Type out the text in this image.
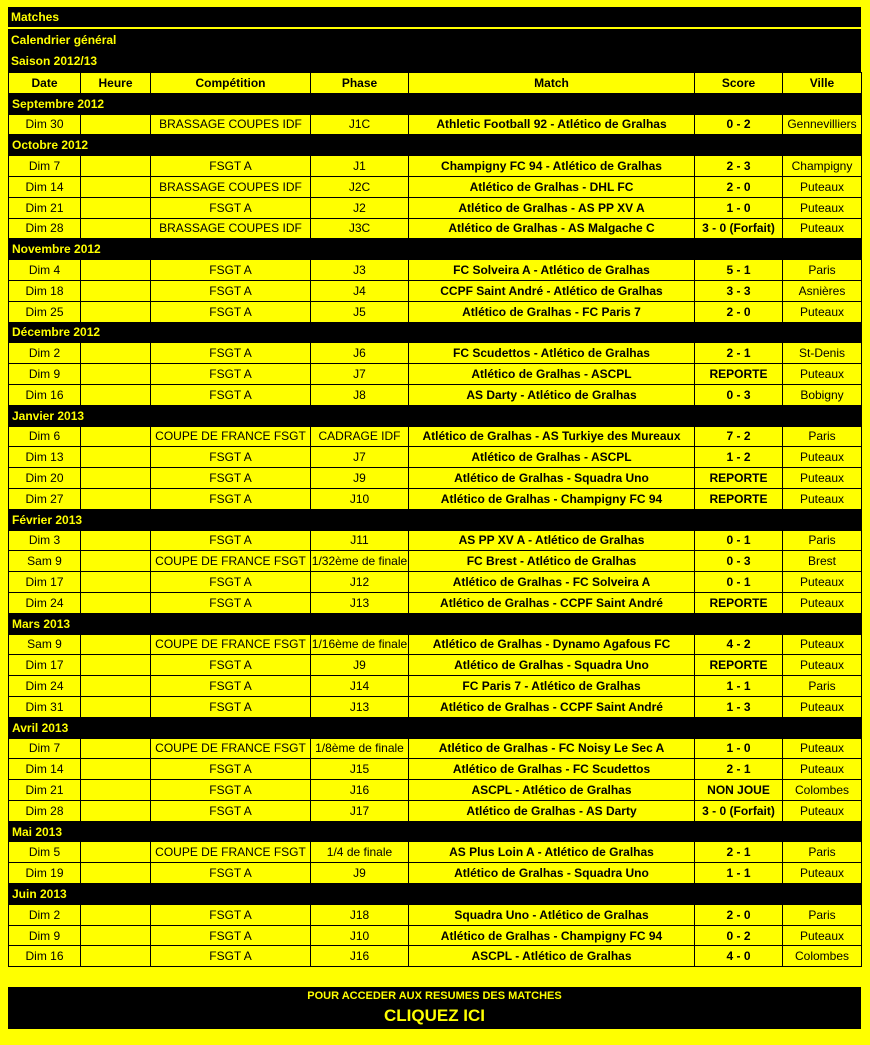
Matches
Calendrier général
Saison 2012/13
Date	Heure	Compétition	Phase	Match	Score	Ville
Septembre 2012						
Dim 30		BRASSAGE COUPES IDF	J1C	Athletic Football 92 - Atlético de Gralhas	0 - 2	Gennevilliers
Octobre 2012						
Dim 7		FSGT A	J1	Champigny FC 94 - Atlético de Gralhas	2 - 3	Champigny
Dim 14		BRASSAGE COUPES IDF	J2C	Atlético de Gralhas - DHL FC	2 - 0	Puteaux
Dim 21		FSGT A	J2	Atlético de Gralhas - AS PP XV A	1 - 0	Puteaux
Dim 28		BRASSAGE COUPES IDF	J3C	Atlético de Gralhas - AS Malgache C	3 - 0 (Forfait)	Puteaux
Novembre 2012						
Dim 4		FSGT A	J3	FC Solveira A - Atlético de Gralhas	5 - 1	Paris
Dim 18		FSGT A	J4	CCPF Saint André - Atlético de Gralhas	3 - 3	Asnières
Dim 25		FSGT A	J5	Atlético de Gralhas - FC Paris 7	2 - 0	Puteaux
Décembre 2012						
Dim 2		FSGT A	J6	FC Scudettos - Atlético de Gralhas	2 - 1	St-Denis
Dim 9		FSGT A	J7	Atlético de Gralhas - ASCPL	REPORTE	Puteaux
Dim 16		FSGT A	J8	AS Darty - Atlético de Gralhas	0 - 3	Bobigny
Janvier 2013						
Dim 6		COUPE DE FRANCE FSGT	CADRAGE IDF	Atlético de Gralhas - AS Turkiye des Mureaux	7 - 2	Paris
Dim 13		FSGT A	J7	Atlético de Gralhas - ASCPL	1 - 2	Puteaux
Dim 20		FSGT A	J9	Atlético de Gralhas - Squadra Uno	REPORTE	Puteaux
Dim 27		FSGT A	J10	Atlético de Gralhas - Champigny FC 94	REPORTE	Puteaux
Février 2013						
Dim 3		FSGT A	J11	AS PP XV A - Atlético de Gralhas	0 - 1	Paris
Sam 9		COUPE DE FRANCE FSGT	1/32ème de finale	FC Brest - Atlético de Gralhas	0 - 3	Brest
Dim 17		FSGT A	J12	Atlético de Gralhas - FC Solveira A	0 - 1	Puteaux
Dim 24		FSGT A	J13	Atlético de Gralhas - CCPF Saint André	REPORTE	Puteaux
Mars 2013						
Sam 9		COUPE DE FRANCE FSGT	1/16ème de finale	Atlético de Gralhas - Dynamo Agafous FC	4 - 2	Puteaux
Dim 17		FSGT A	J9	Atlético de Gralhas - Squadra Uno	REPORTE	Puteaux
Dim 24		FSGT A	J14	FC Paris 7 - Atlético de Gralhas	1 - 1	Paris
Dim 31		FSGT A	J13	Atlético de Gralhas - CCPF Saint André	1 - 3	Puteaux
Avril 2013						
Dim 7		COUPE DE FRANCE FSGT	1/8ème de finale	Atlético de Gralhas - FC Noisy Le Sec A	1 - 0	Puteaux
Dim 14		FSGT A	J15	Atlético de Gralhas - FC Scudettos	2 - 1	Puteaux
Dim 21		FSGT A	J16	ASCPL - Atlético de Gralhas	NON JOUE	Colombes
Dim 28		FSGT A	J17	Atlético de Gralhas - AS Darty	3 - 0 (Forfait)	Puteaux
Mai 2013						
Dim 5		COUPE DE FRANCE FSGT	1/4 de finale	AS Plus Loin A - Atlético de Gralhas	2 - 1	Paris
Dim 19		FSGT A	J9	Atlético de Gralhas - Squadra Uno	1 - 1	Puteaux
Juin 2013						
Dim 2		FSGT A	J18	Squadra Uno - Atlético de Gralhas	2 - 0	Paris
Dim 9		FSGT A	J10	Atlético de Gralhas - Champigny FC 94	0 - 2	Puteaux
Dim 16		FSGT A	J16	ASCPL - Atlético de Gralhas	4 - 0	Colombes
POUR ACCEDER AUX RESUMES DES MATCHES
CLIQUEZ ICI
